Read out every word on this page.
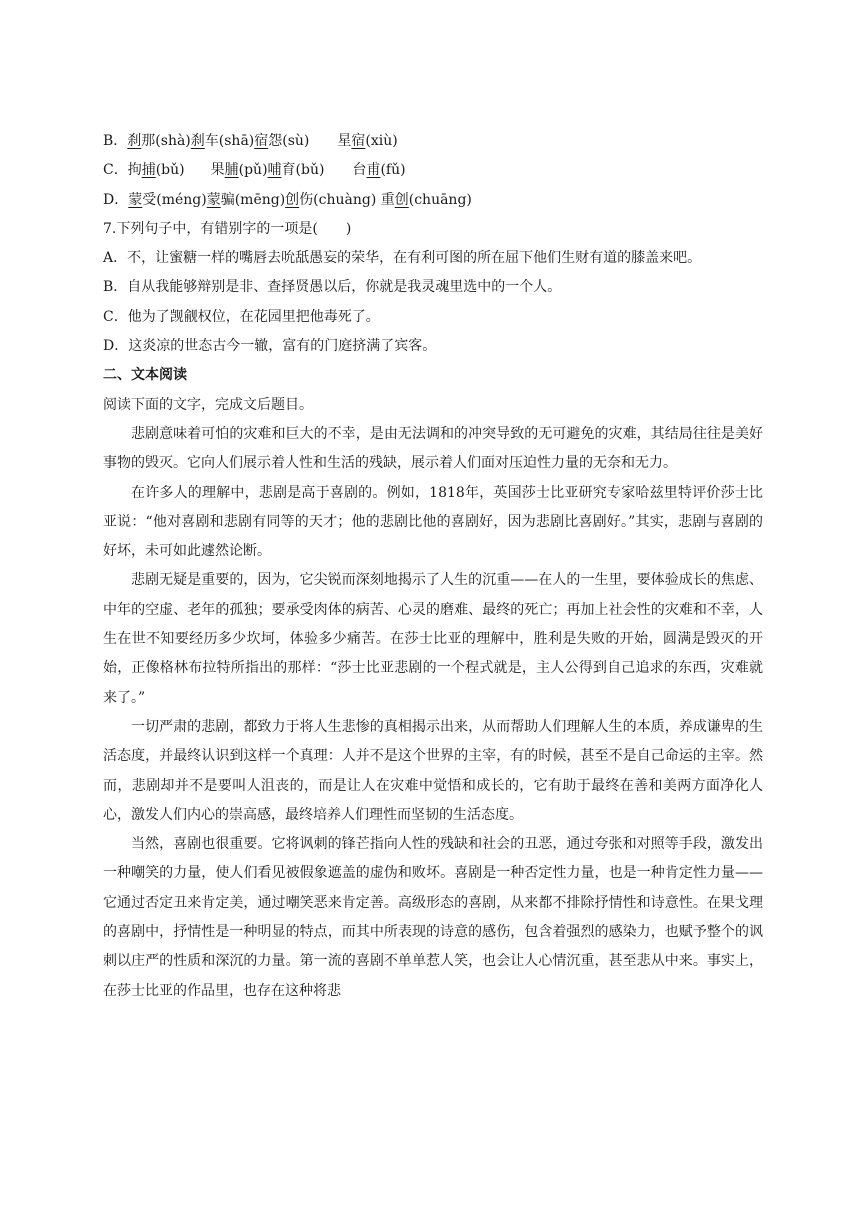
B．刹那(shà)刹车(shā)宿怨(sù) 星宿(xiù)
C．拘捕(bǔ) 果脯(pǔ)哺育(bǔ) 台甫(fǔ)
D．蒙受(méng)蒙骗(mēng)创伤(chuàng) 重创(chuāng)
7.下列句子中，有错别字的一项是( )
A．不，让蜜糖一样的嘴唇去吮舐愚妄的荣华，在有利可图的所在屈下他们生财有道的膝盖来吧。
B．自从我能够辩别是非、查择贤愚以后，你就是我灵魂里选中的一个人。
C．他为了觊觎权位，在花园里把他毒死了。
D．这炎凉的世态古今一辙，富有的门庭挤满了宾客。
二、文本阅读
阅读下面的文字，完成文后题目。

悲剧意味着可怕的灾难和巨大的不幸，是由无法调和的冲突导致的无可避免的灾难，其结局往往是美好事物的毁灭。它向人们展示着人性和生活的残缺，展示着人们面对压迫性力量的无奈和无力。

在许多人的理解中，悲剧是高于喜剧的。例如，1818年，英国莎士比亚研究专家哈兹里特评价莎士比亚说：“他对喜剧和悲剧有同等的天才；他的悲剧比他的喜剧好，因为悲剧比喜剧好。”其实，悲剧与喜剧的好坏，未可如此遽然论断。

悲剧无疑是重要的，因为，它尖锐而深刻地揭示了人生的沉重——在人的一生里，要体验成长的焦虑、中年的空虚、老年的孤独；要承受肉体的病苦、心灵的磨难、最终的死亡；再加上社会性的灾难和不幸，人生在世不知要经历多少坎坷，体验多少痛苦。在莎士比亚的理解中，胜利是失败的开始，圆满是毁灭的开始，正像格林布拉特所指出的那样：“莎士比亚悲剧的一个程式就是，主人公得到自己追求的东西，灾难就来了。”

一切严肃的悲剧，都致力于将人生悲惨的真相揭示出来，从而帮助人们理解人生的本质，养成谦卑的生活态度，并最终认识到这样一个真理：人并不是这个世界的主宰，有的时候，甚至不是自己命运的主宰。然而，悲剧却并不是要叫人沮丧的，而是让人在灾难中觉悟和成长的，它有助于最终在善和美两方面净化人心，激发人们内心的崇高感，最终培养人们理性而坚韧的生活态度。

当然，喜剧也很重要。它将讽刺的锋芒指向人性的残缺和社会的丑恶，通过夸张和对照等手段，激发出一种嘲笑的力量，使人们看见被假象遮盖的虚伪和败坏。喜剧是一种否定性力量，也是一种肯定性力量——它通过否定丑来肯定美，通过嘲笑恶来肯定善。高级形态的喜剧，从来都不排除抒情性和诗意性。在果戈理的喜剧中，抒情性是一种明显的特点，而其中所表现的诗意的感伤，包含着强烈的感染力，也赋予整个的讽刺以庄严的性质和深沉的力量。第一流的喜剧不单单惹人笑，也会让人心情沉重，甚至悲从中来。事实上，在莎士比亚的作品里，也存在这种将悲
